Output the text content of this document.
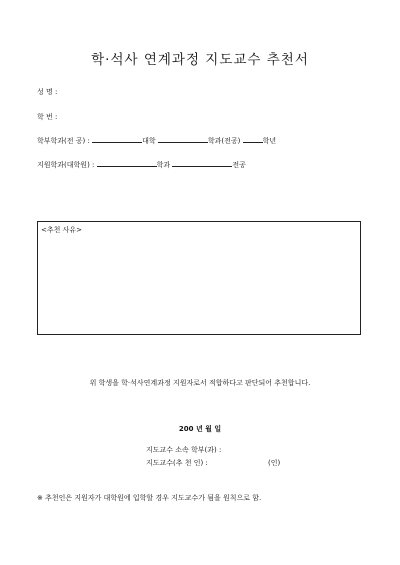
학·석사 연계과정 지도교수 추천서
성 명 :
학 번 :
학부학과(전 공) :	대학	학과(전공)	학년
지원학과(대학원) :	학과	전공
<추천 사유>
위 학생을 학·석사연계과정 지원자로서 적합하다고 판단되어 추천합니다.
200 년 월 일
지도교수 소속 학부(과) :
지도교수(추 천 인) :	(인)
※ 추천인은 지원자가 대학원에 입학할 경우 지도교수가 됨을 원칙으로 함.
